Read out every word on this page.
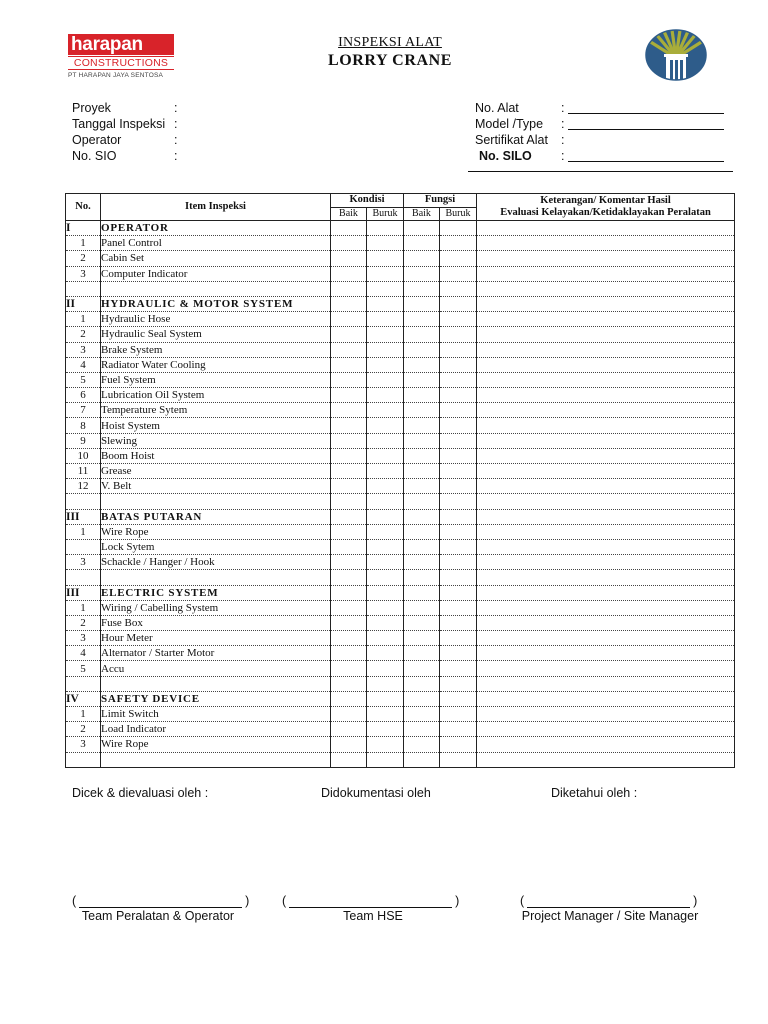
harapan
CONSTRUCTIONS
PT HARAPAN JAYA SENTOSA
INSPEKSI ALAT
LORRY CRANE
Proyek	:
Tanggal Inspeksi :
Operator	:
No. SIO	:
No. Alat	:
Model /Type	:
Sertifikat Alat	:
No. SILO	:
No.	Item Inspeksi	Kondisi		Fungsi		Keterangan/ Komentar Hasil
		Baik	Buruk	Baik	Buruk	Evaluasi Kelayakan/Ketidaklayakan Peralatan
I	OPERATOR					
1	Panel Control					
2	Cabin Set					
3	Computer Indicator					

II	HYDRAULIC & MOTOR SYSTEM					
1	Hydraulic Hose					
2	Hydraulic Seal System					
3	Brake System					
4	Radiator Water Cooling					
5	Fuel System					
6	Lubrication Oil System					
7	Temperature Sytem					
8	Hoist System					
9	Slewing					
10	Boom Hoist					
11	Grease					
12	V. Belt					

III	BATAS PUTARAN					
1	Wire Rope					
	Lock Sytem					
3	Schackle / Hanger / Hook					

III	ELECTRIC SYSTEM					
1	Wiring / Cabelling System					
2	Fuse Box					
3	Hour Meter					
4	Alternator / Starter Motor					
5	Accu					

IV	SAFETY DEVICE					
1	Limit Switch					
2	Load Indicator					
3	Wire Rope					

Dicek & dievaluasi oleh :	Didokumentasi oleh	Diketahui oleh :
(	)	(	)	(	)
Team Peralatan & Operator	Team HSE	Project Manager / Site Manager
